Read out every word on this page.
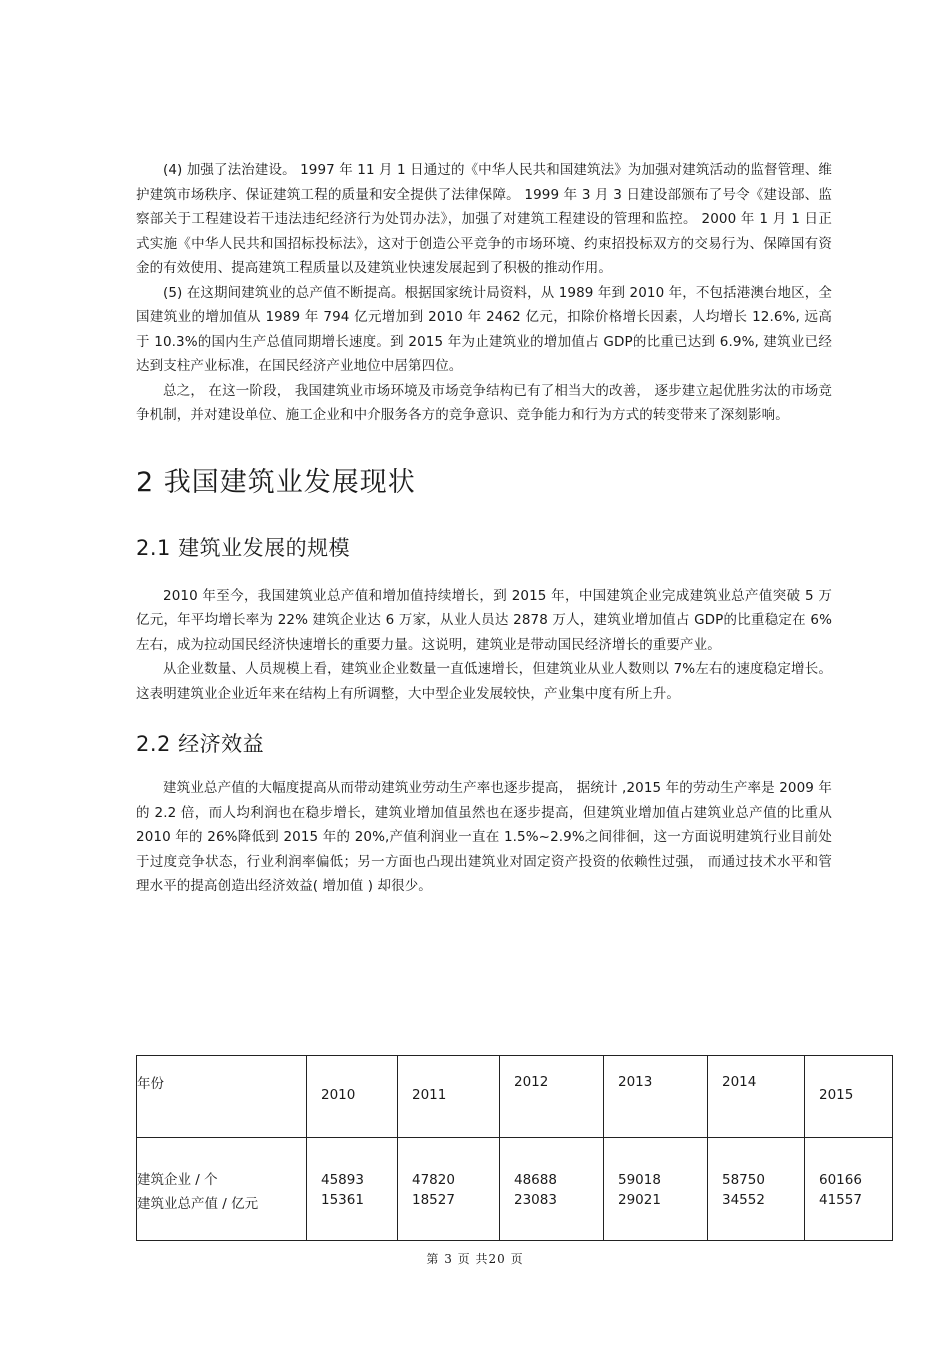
(4) 加强了法治建设。 1997 年 11 月 1 日通过的《中华人民共和国建筑法》为加强对建筑活动的监督管理、维护建筑市场秩序、保证建筑工程的质量和安全提供了法律保障。 1999 年 3 月 3 日建设部颁布了号令《建设部、监察部关于工程建设若干违法违纪经济行为处罚办法》，加强了对建筑工程建设的管理和监控。 2000 年 1 月 1 日正式实施《中华人民共和国招标投标法》，这对于创造公平竞争的市场环境、约束招投标双方的交易行为、保障国有资金的有效使用、提高建筑工程质量以及建筑业快速发展起到了积极的推动作用。

(5) 在这期间建筑业的总产值不断提高。根据国家统计局资料，从 1989 年到 2010 年，不包括港澳台地区，全国建筑业的增加值从 1989 年 794 亿元增加到 2010 年 2462 亿元，扣除价格增长因素，人均增长 12.6%, 远高于 10.3%的国内生产总值同期增长速度。到 2015 年为止建筑业的增加值占 GDP的比重已达到 6.9%, 建筑业已经达到支柱产业标准，在国民经济产业地位中居第四位。

总之， 在这一阶段， 我国建筑业市场环境及市场竞争结构已有了相当大的改善， 逐步建立起优胜劣汰的市场竞争机制，并对建设单位、施工企业和中介服务各方的竞争意识、竞争能力和行为方式的转变带来了深刻影响。

2 我国建筑业发展现状
2.1 建筑业发展的规模

2010 年至今，我国建筑业总产值和增加值持续增长，到 2015 年，中国建筑企业完成建筑业总产值突破 5 万亿元，年平均增长率为 22% 建筑企业达 6 万家，从业人员达 2878 万人，建筑业增加值占 GDP的比重稳定在 6%左右，成为拉动国民经济快速增长的重要力量。这说明，建筑业是带动国民经济增长的重要产业。

从企业数量、人员规模上看，建筑业企业数量一直低速增长，但建筑业从业人数则以 7%左右的速度稳定增长。这表明建筑业企业近年来在结构上有所调整，大中型企业发展较快，产业集中度有所上升。

2.2 经济效益

建筑业总产值的大幅度提高从而带动建筑业劳动生产率也逐步提高， 据统计 ,2015 年的劳动生产率是 2009 年的 2.2 倍，而人均利润也在稳步增长，建筑业增加值虽然也在逐步提高，但建筑业增加值占建筑业总产值的比重从 2010 年的 26%降低到 2015 年的 20%,产值利润业一直在 1.5%~2.9%之间徘徊，这一方面说明建筑行业目前处于过度竞争状态，行业利润率偏低；另一方面也凸现出建筑业对固定资产投资的依赖性过强， 而通过技术水平和管理水平的提高创造出经济效益( 增加值 ) 却很少。

年份	2010	2011	2012	2013	2014	2015
建筑企业 / 个	45893	47820	48688	59018	58750	60166
建筑业总产值 / 亿元	15361	18527	23083	29021	34552	41557
第 3 页 共20 页
